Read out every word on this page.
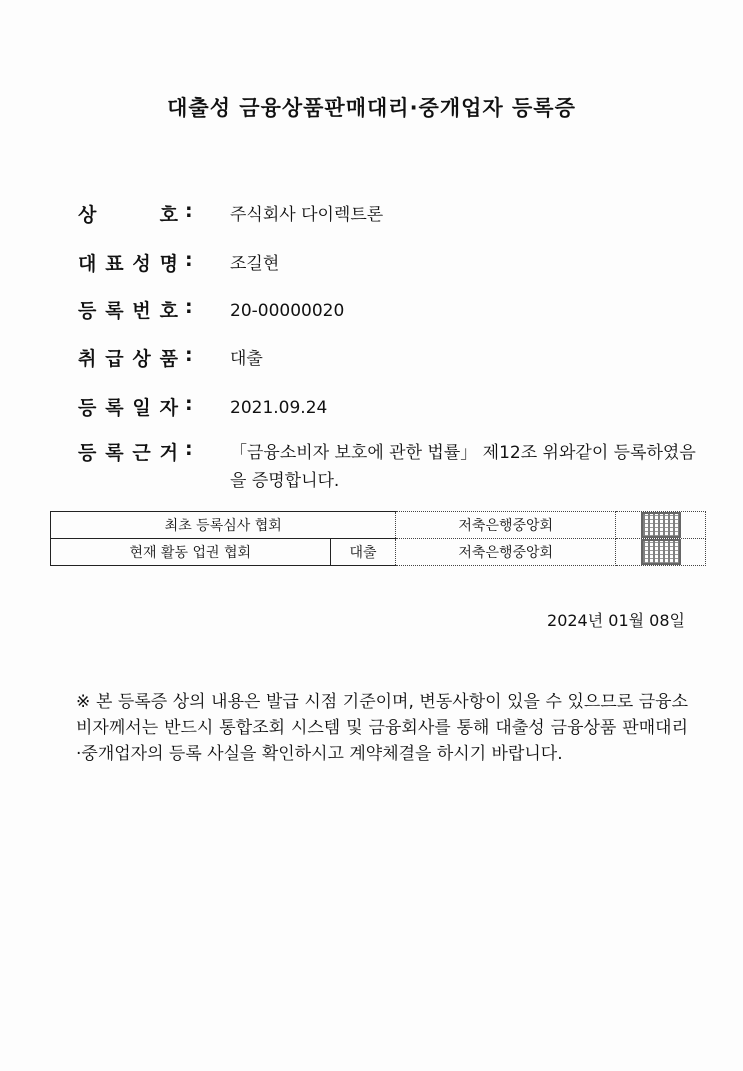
대출성 금융상품판매대리·중개업자 등록증
상	호 : 주식회사 다이렉트론
대 표 성 명 : 조길현
등 록 번 호 : 20-00000020
취 급 상 품 : 대출
등 록 일 자 : 2021.09.24
등 록 근 거 : 「금융소비자 보호에 관한 법률」 제12조 위와같이 등록하였음을 증명합니다.
최초 등록심사 협회		저축은행중앙회	
현재 활동 업권 협회	대출	저축은행중앙회	
2024년 01월 08일
※ 본 등록증 상의 내용은 발급 시점 기준이며, 변동사항이 있을 수 있으므로 금융소비자께서는 반드시 통합조회 시스템 및 금융회사를 통해 대출성 금융상품 판매대리·중개업자의 등록 사실을 확인하시고 계약체결을 하시기 바랍니다.
